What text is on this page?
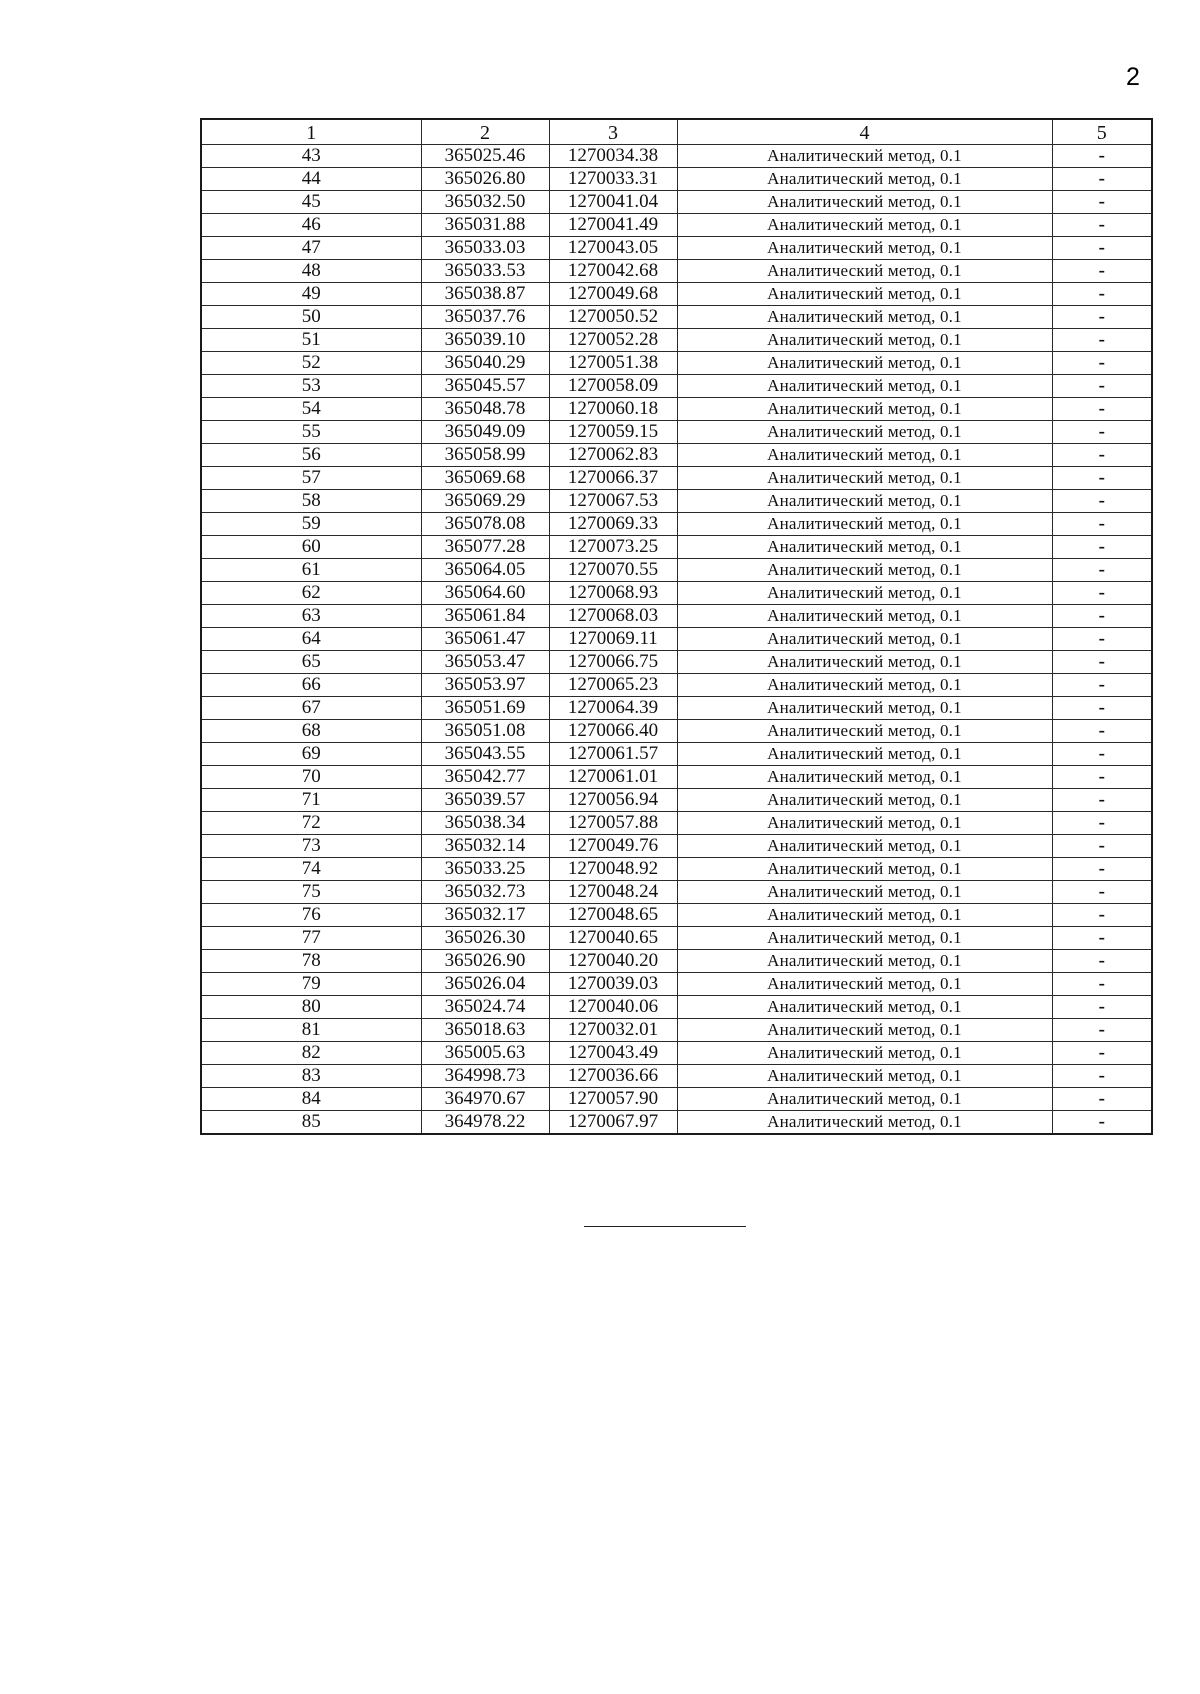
2
1	2	3	4	5
43	365025.46	1270034.38	Аналитический метод, 0.1	-
44	365026.80	1270033.31	Аналитический метод, 0.1	-
45	365032.50	1270041.04	Аналитический метод, 0.1	-
46	365031.88	1270041.49	Аналитический метод, 0.1	-
47	365033.03	1270043.05	Аналитический метод, 0.1	-
48	365033.53	1270042.68	Аналитический метод, 0.1	-
49	365038.87	1270049.68	Аналитический метод, 0.1	-
50	365037.76	1270050.52	Аналитический метод, 0.1	-
51	365039.10	1270052.28	Аналитический метод, 0.1	-
52	365040.29	1270051.38	Аналитический метод, 0.1	-
53	365045.57	1270058.09	Аналитический метод, 0.1	-
54	365048.78	1270060.18	Аналитический метод, 0.1	-
55	365049.09	1270059.15	Аналитический метод, 0.1	-
56	365058.99	1270062.83	Аналитический метод, 0.1	-
57	365069.68	1270066.37	Аналитический метод, 0.1	-
58	365069.29	1270067.53	Аналитический метод, 0.1	-
59	365078.08	1270069.33	Аналитический метод, 0.1	-
60	365077.28	1270073.25	Аналитический метод, 0.1	-
61	365064.05	1270070.55	Аналитический метод, 0.1	-
62	365064.60	1270068.93	Аналитический метод, 0.1	-
63	365061.84	1270068.03	Аналитический метод, 0.1	-
64	365061.47	1270069.11	Аналитический метод, 0.1	-
65	365053.47	1270066.75	Аналитический метод, 0.1	-
66	365053.97	1270065.23	Аналитический метод, 0.1	-
67	365051.69	1270064.39	Аналитический метод, 0.1	-
68	365051.08	1270066.40	Аналитический метод, 0.1	-
69	365043.55	1270061.57	Аналитический метод, 0.1	-
70	365042.77	1270061.01	Аналитический метод, 0.1	-
71	365039.57	1270056.94	Аналитический метод, 0.1	-
72	365038.34	1270057.88	Аналитический метод, 0.1	-
73	365032.14	1270049.76	Аналитический метод, 0.1	-
74	365033.25	1270048.92	Аналитический метод, 0.1	-
75	365032.73	1270048.24	Аналитический метод, 0.1	-
76	365032.17	1270048.65	Аналитический метод, 0.1	-
77	365026.30	1270040.65	Аналитический метод, 0.1	-
78	365026.90	1270040.20	Аналитический метод, 0.1	-
79	365026.04	1270039.03	Аналитический метод, 0.1	-
80	365024.74	1270040.06	Аналитический метод, 0.1	-
81	365018.63	1270032.01	Аналитический метод, 0.1	-
82	365005.63	1270043.49	Аналитический метод, 0.1	-
83	364998.73	1270036.66	Аналитический метод, 0.1	-
84	364970.67	1270057.90	Аналитический метод, 0.1	-
85	364978.22	1270067.97	Аналитический метод, 0.1	-
